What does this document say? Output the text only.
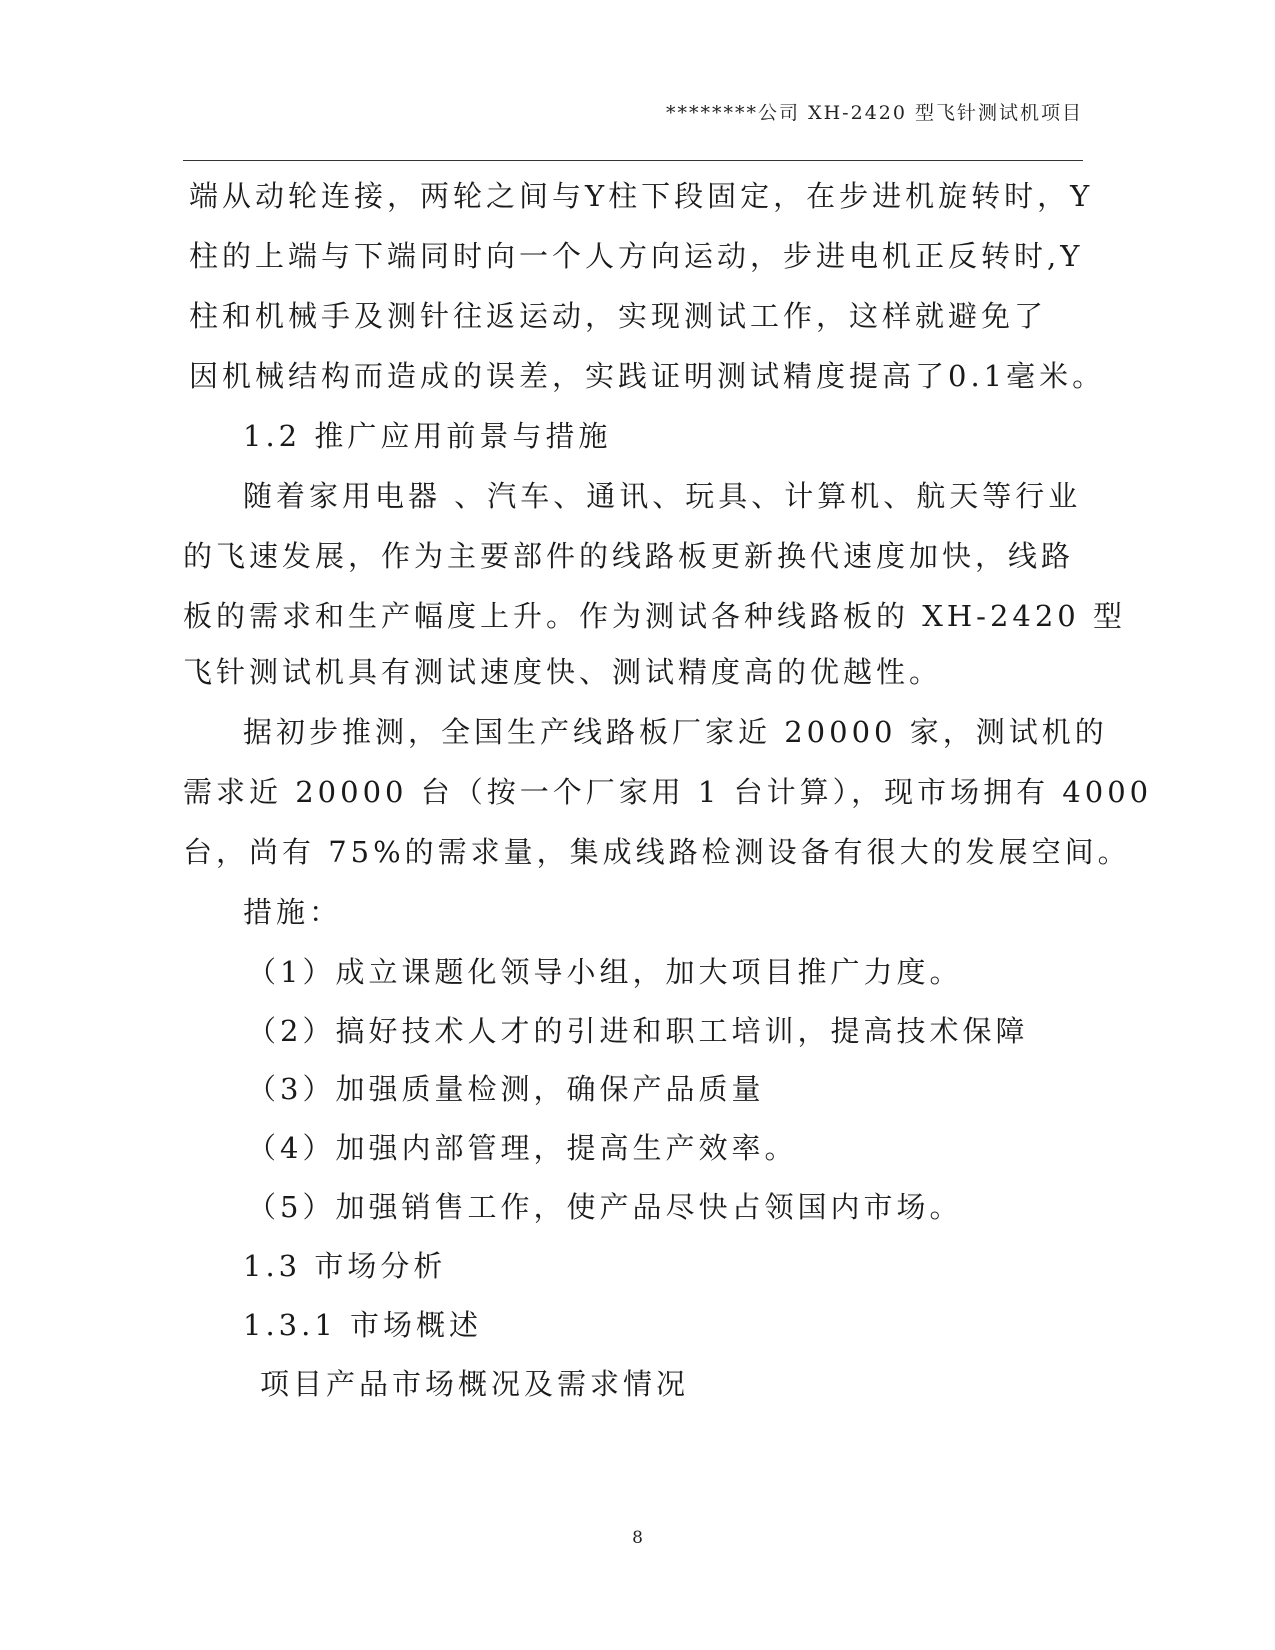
********公司 XH-2420 型飞针测试机项目
端从动轮连接，两轮之间与Y柱下段固定，在步进机旋转时，Y
柱的上端与下端同时向一个人方向运动，步进电机正反转时,Y
柱和机械手及测针往返运动，实现测试工作，这样就避免了
因机械结构而造成的误差，实践证明测试精度提高了0.1毫米。
1.2 推广应用前景与措施
随着家用电器 、汽车、通讯、玩具、计算机、航天等行业
的飞速发展，作为主要部件的线路板更新换代速度加快，线路
板的需求和生产幅度上升。作为测试各种线路板的 XH-2420 型
飞针测试机具有测试速度快、测试精度高的优越性。
据初步推测，全国生产线路板厂家近 20000 家，测试机的
需求近 20000 台（按一个厂家用 1 台计算），现市场拥有 4000
台，尚有 75%的需求量，集成线路检测设备有很大的发展空间。
措施：
（1）成立课题化领导小组，加大项目推广力度。
（2）搞好技术人才的引进和职工培训，提高技术保障
（3）加强质量检测，确保产品质量
（4）加强内部管理，提高生产效率。
（5）加强销售工作，使产品尽快占领国内市场。
1.3 市场分析
1.3.1 市场概述
项目产品市场概况及需求情况
8
